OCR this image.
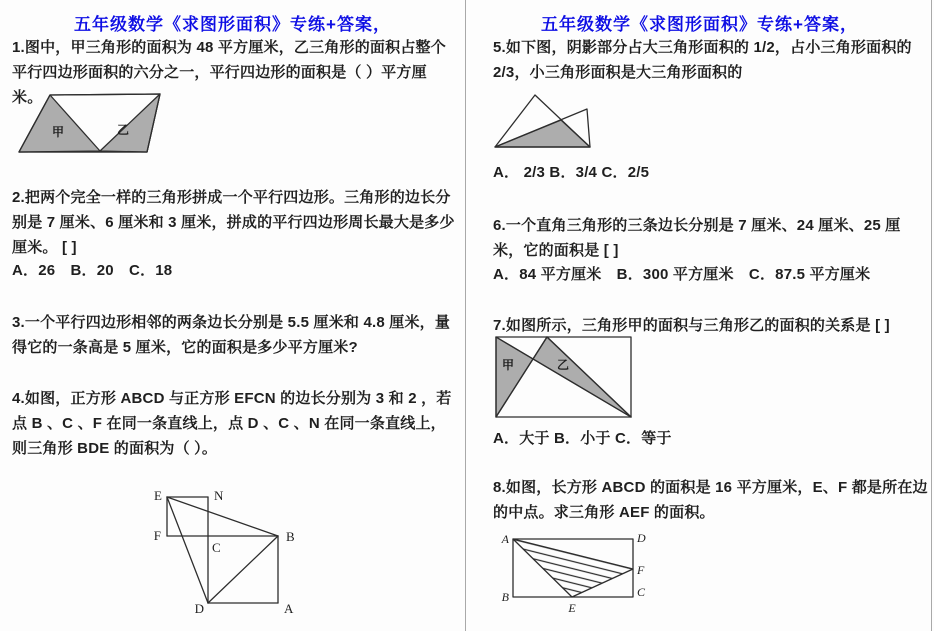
五年级数学《求图形面积》专练+答案，

1.图中，甲三角形的面积为 48 平方厘米，乙三角形的面积占整个平行四边形面积的六分之一，平行四边形的面积是（ ）平方厘米。

甲	乙

2.把两个完全一样的三角形拼成一个平行四边形。三角形的边长分别是 7 厘米、6 厘米和 3 厘米，拼成的平行四边形周长最大是多少厘米。 [ ]

A．26　B．20　C．18

3.一个平行四边形相邻的两条边长分别是 5.5 厘米和 4.8 厘米，量得它的一条高是 5 厘米，它的面积是多少平方厘米?

4.如图，正方形 ABCD 与正方形 EFCN 的边长分别为 3 和 2 ，若点 B 、C 、F 在同一条直线上，点 D 、C 、N 在同一条直线上，则三角形 BDE 的面积为（ ）。

E	N
F
C
B
D	A
五年级数学《求图形面积》专练+答案，

5.如下图，阴影部分占大三角形面积的 1/2，占小三角形面积的 2/3，小三角形面积是大三角形面积的

A． 2/3 B．3/4 C．2/5

6.一个直角三角形的三条边长分别是 7 厘米、24 厘米、25 厘米，它的面积是 [ ]

A．84 平方厘米　B．300 平方厘米　C．87.5 平方厘米

7.如图所示，三角形甲的面积与三角形乙的面积的关系是 [ ]

甲	乙

A．大于 B．小于 C．等于

8.如图，长方形 ABCD 的面积是 16 平方厘米，E、F 都是所在边的中点。求三角形 AEF 的面积。

A	D
B	C
F
E
